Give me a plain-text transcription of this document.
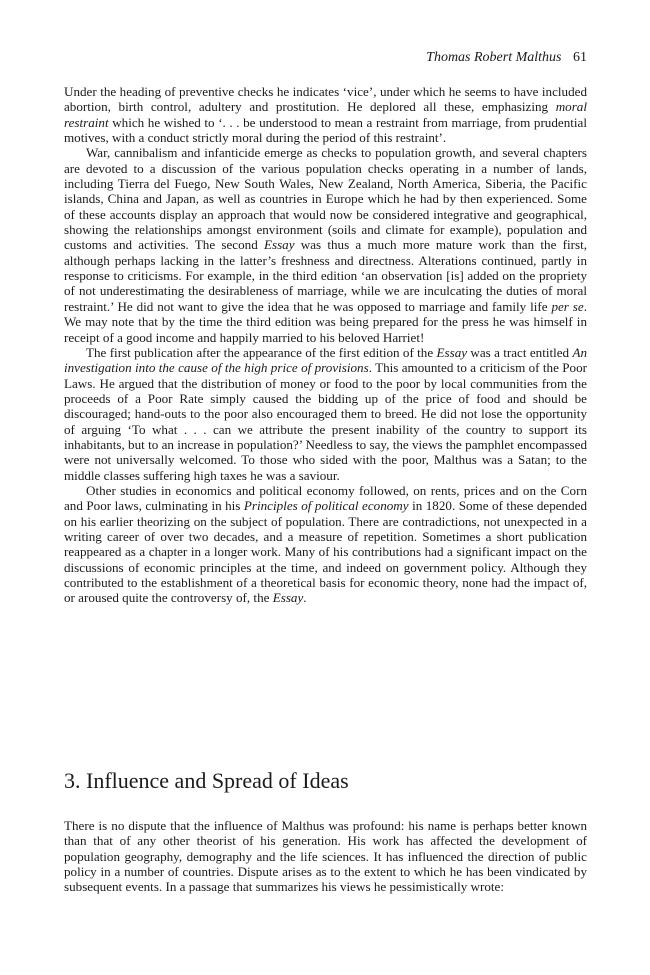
Thomas Robert Malthus 61

Under the heading of preventive checks he indicates ‘vice’, under which he seems to have included abortion, birth control, adultery and prostitution. He deplored all these, emphasizing moral restraint which he wished to ‘. . . be understood to mean a restraint from marriage, from prudential motives, with a conduct strictly moral during the period of this restraint’.

War, cannibalism and infanticide emerge as checks to population growth, and several chapters are devoted to a discussion of the various population checks operating in a number of lands, including Tierra del Fuego, New South Wales, New Zealand, North America, Siberia, the Pacific islands, China and Japan, as well as countries in Europe which he had by then experienced. Some of these accounts display an approach that would now be considered integrative and geographical, showing the relationships amongst environment (soils and climate for example), population and customs and activities. The second Essay was thus a much more mature work than the first, although perhaps lacking in the latter’s freshness and directness. Alterations continued, partly in response to criticisms. For example, in the third edition ‘an observation [is] added on the propriety of not underestimating the desirableness of marriage, while we are inculcating the duties of moral restraint.’ He did not want to give the idea that he was opposed to marriage and family life per se. We may note that by the time the third edition was being prepared for the press he was himself in receipt of a good income and happily married to his beloved Harriet!

The first publication after the appearance of the first edition of the Essay was a tract entitled An investigation into the cause of the high price of provisions. This amounted to a criticism of the Poor Laws. He argued that the distribution of money or food to the poor by local communities from the proceeds of a Poor Rate simply caused the bidding up of the price of food and should be discouraged; hand-outs to the poor also encouraged them to breed. He did not lose the opportunity of arguing ‘To what . . . can we attribute the present inability of the country to support its inhabitants, but to an increase in population?’ Needless to say, the views the pamphlet encompassed were not universally welcomed. To those who sided with the poor, Malthus was a Satan; to the middle classes suffering high taxes he was a saviour.

Other studies in economics and political economy followed, on rents, prices and on the Corn and Poor laws, culminating in his Principles of political economy in 1820. Some of these depended on his earlier theorizing on the subject of population. There are contradictions, not unexpected in a writing career of over two decades, and a measure of repetition. Sometimes a short publication reappeared as a chapter in a longer work. Many of his contributions had a significant impact on the discussions of economic principles at the time, and indeed on government policy. Although they contributed to the establishment of a theoretical basis for economic theory, none had the impact of, or aroused quite the controversy of, the Essay.

3. Influence and Spread of Ideas

There is no dispute that the influence of Malthus was profound: his name is perhaps better known than that of any other theorist of his generation. His work has affected the development of population geography, demography and the life sciences. It has influenced the direction of public policy in a number of countries. Dispute arises as to the extent to which he has been vindicated by subsequent events. In a passage that summarizes his views he pessimistically wrote:
